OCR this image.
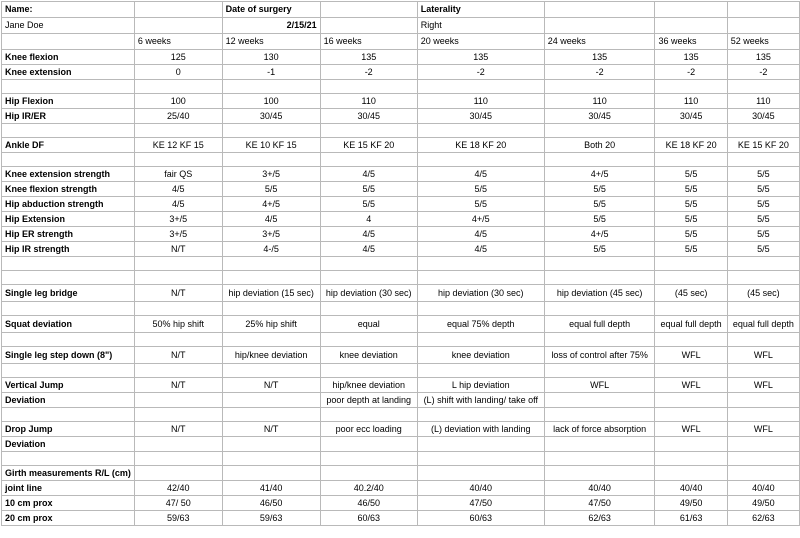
Name:		Date of surgery		Laterality			
Jane Doe		2/15/21		Right			
	6 weeks	12 weeks	16 weeks	20 weeks	24 weeks	36 weeks	52 weeks
Knee flexion	125	130	135	135	135	135	135
Knee extension	0	-1	-2	-2	-2	-2	-2

Hip Flexion	100	100	110	110	110	110	110
Hip IR/ER	25/40	30/45	30/45	30/45	30/45	30/45	30/45

Ankle DF	KE 12 KF 15	KE 10 KF 15	KE 15 KF 20	KE 18 KF 20	Both 20	KE 18 KF 20	KE 15 KF 20

Knee extension strength	fair QS	3+/5	4/5	4/5	4+/5	5/5	5/5
Knee flexion strength	4/5	5/5	5/5	5/5	5/5	5/5	5/5
Hip abduction strength	4/5	4+/5	5/5	5/5	5/5	5/5	5/5
Hip Extension	3+/5	4/5	4	4+/5	5/5	5/5	5/5
Hip ER strength	3+/5	3+/5	4/5	4/5	4+/5	5/5	5/5
Hip IR strength	N/T	4-/5	4/5	4/5	5/5	5/5	5/5

Single leg bridge	N/T	hip deviation (15 sec)	hip deviation (30 sec)	hip deviation (30 sec)	hip deviation (45 sec)	(45 sec)	(45 sec)

Squat deviation	50% hip shift	25% hip shift	equal	equal 75% depth	equal full depth	equal full depth	equal full depth

Single leg step down (8")	N/T	hip/knee deviation	knee deviation	knee deviation	loss of control after 75%	WFL	WFL

Vertical Jump	N/T	N/T	hip/knee deviation	L hip deviation	WFL	WFL	WFL
Deviation			poor depth at landing	(L) shift with landing/ take off			

Drop Jump	N/T	N/T	poor ecc loading	(L) deviation with landing	lack of force absorption	WFL	WFL
Deviation							

Girth measurements R/L (cm)							
joint line	42/40	41/40	40.2/40	40/40	40/40	40/40	40/40
10 cm prox	47/ 50	46/50	46/50	47/50	47/50	49/50	49/50
20 cm prox	59/63	59/63	60/63	60/63	62/63	61/63	62/63
